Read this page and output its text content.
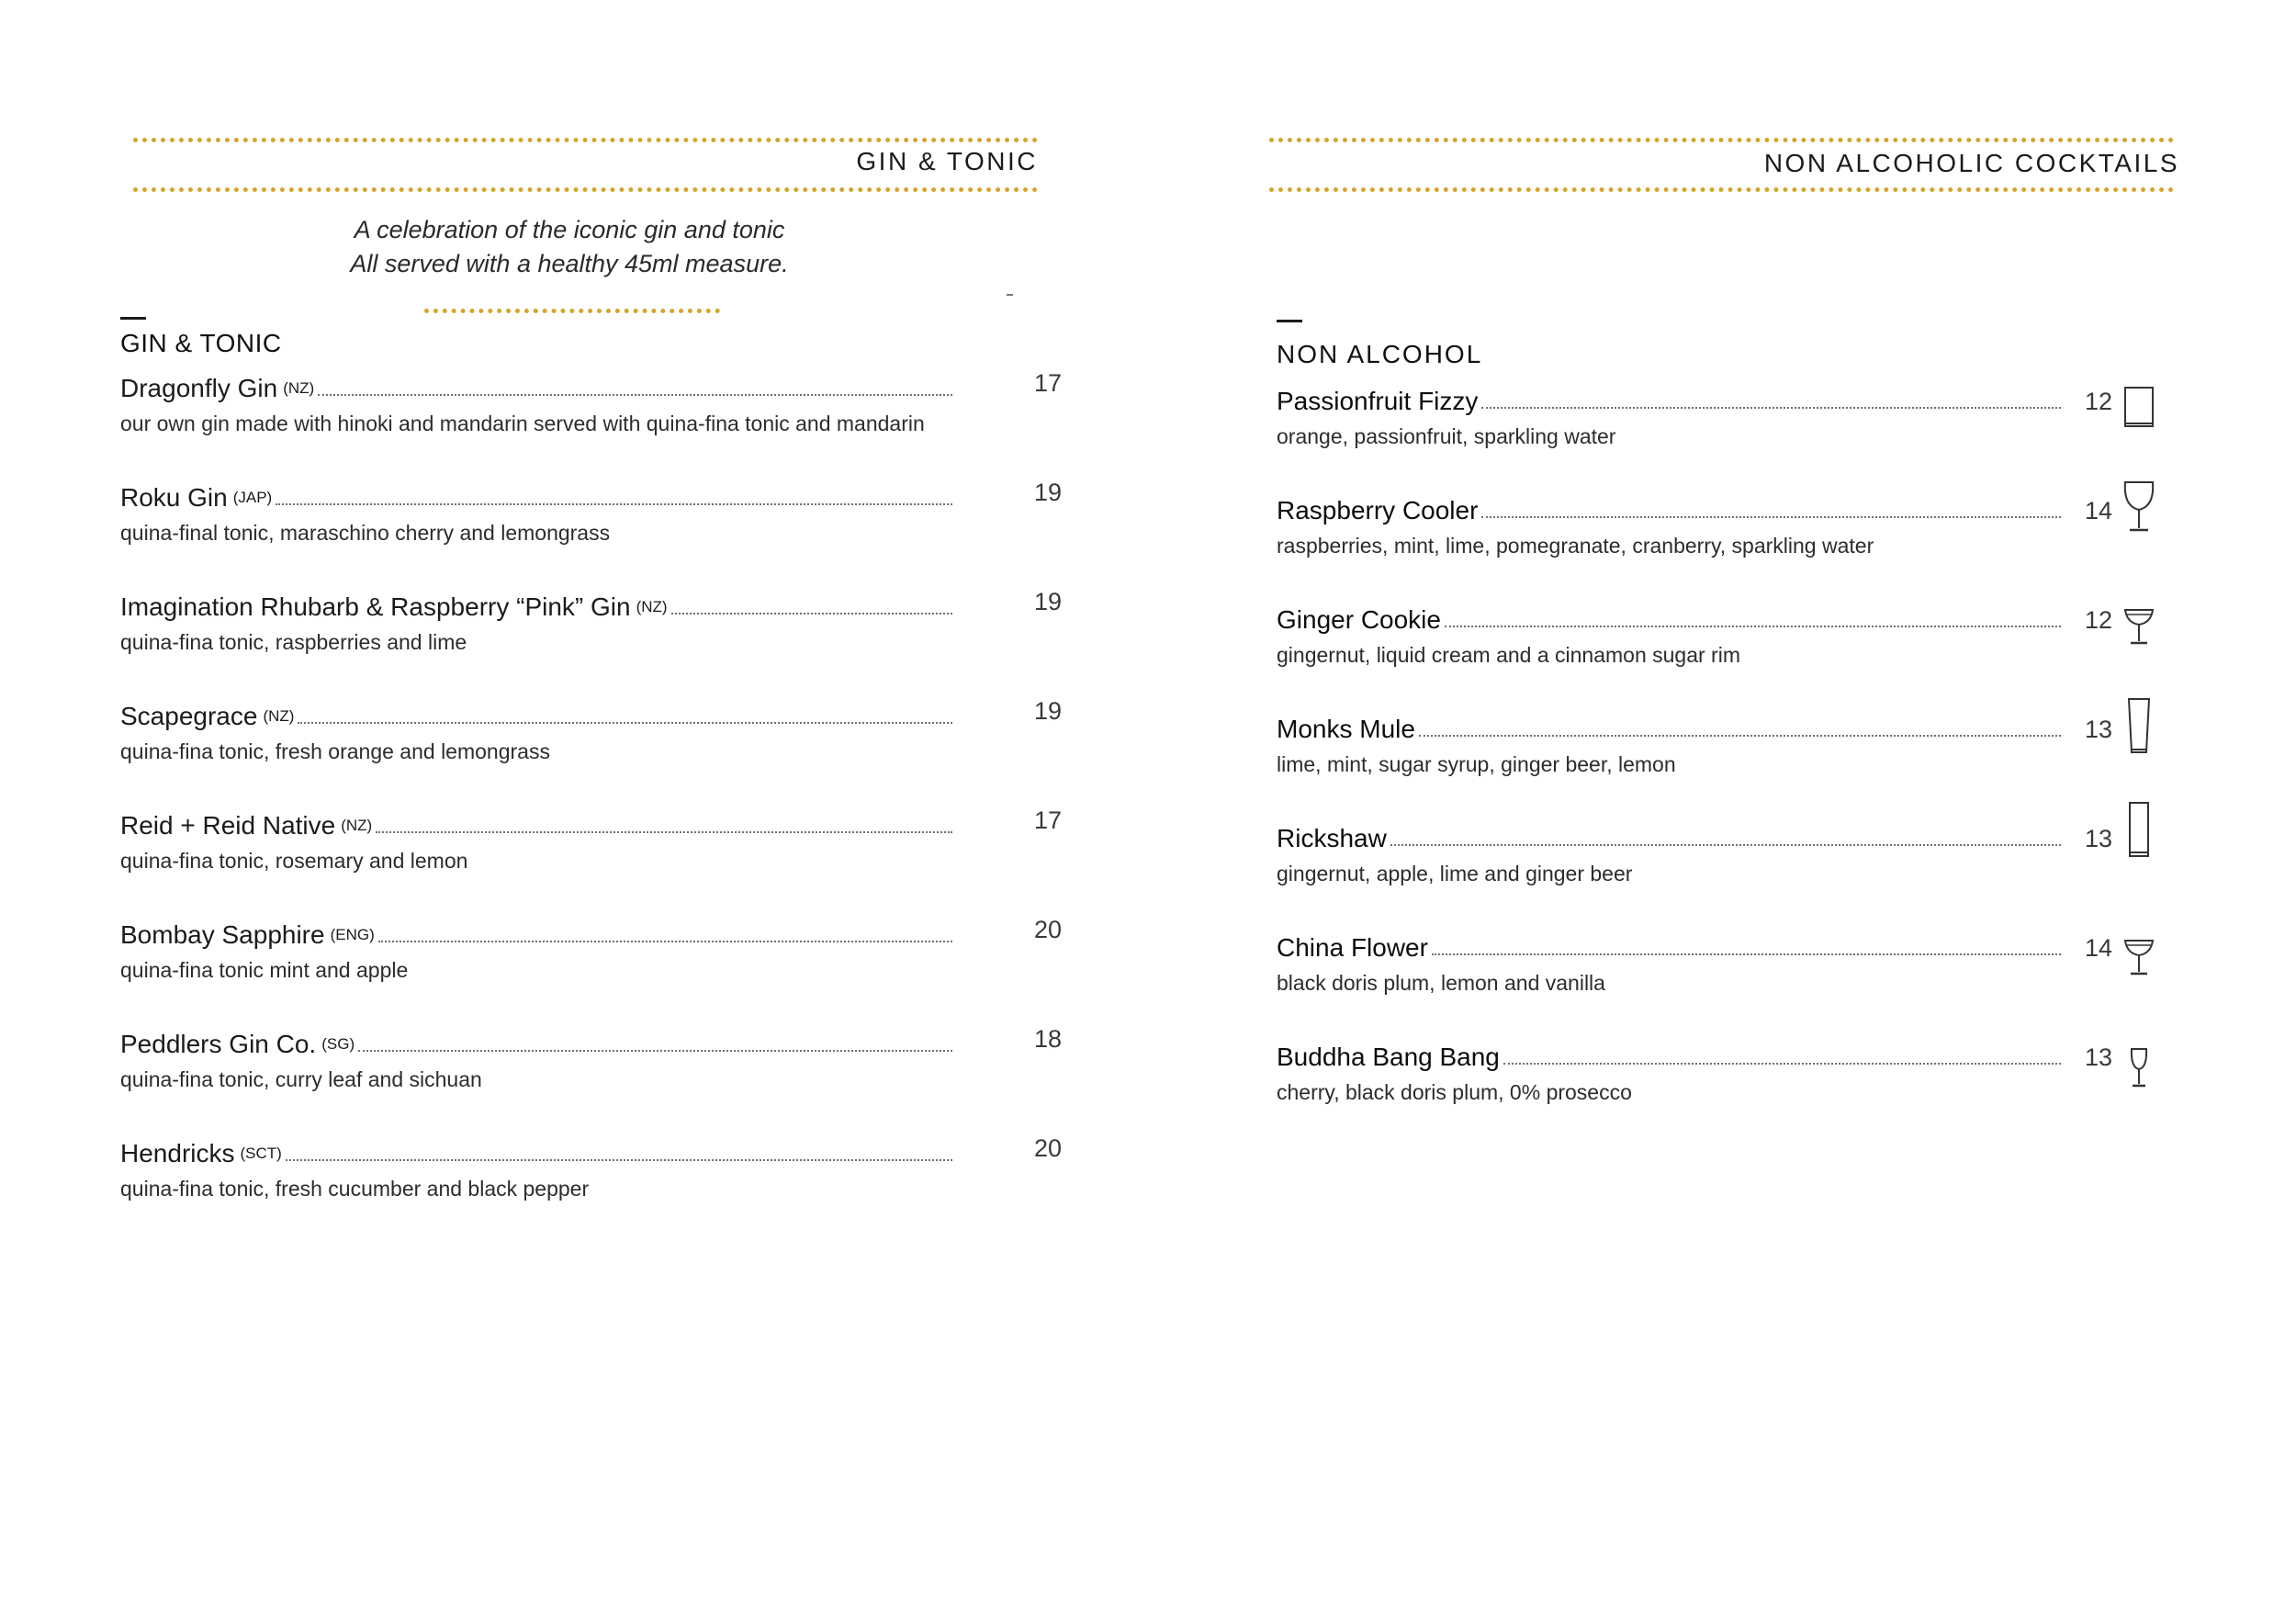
GIN & TONIC
A celebration of the iconic gin and tonic
All served with a healthy 45ml measure.
GIN & TONIC
Dragonfly Gin (NZ)	17
our own gin made with hinoki and mandarin served with quina-fina tonic and mandarin
Roku Gin (JAP)	19
quina-final tonic, maraschino cherry and lemongrass
Imagination Rhubarb & Raspberry “Pink” Gin (NZ)	19
quina-fina tonic, raspberries and lime
Scapegrace (NZ)	19
quina-fina tonic, fresh orange and lemongrass
Reid + Reid Native (NZ)	17
quina-fina tonic, rosemary and lemon
Bombay Sapphire (ENG)	20
quina-fina tonic mint and apple
Peddlers Gin Co. (SG)	18
quina-fina tonic, curry leaf and sichuan
Hendricks (SCT)	20
quina-fina tonic, fresh cucumber and black pepper
NON ALCOHOLIC COCKTAILS
NON ALCOHOL
Passionfruit Fizzy	12
orange, passionfruit, sparkling water
Raspberry Cooler	14
raspberries, mint, lime, pomegranate, cranberry, sparkling water
Ginger Cookie	12
gingernut, liquid cream and a cinnamon sugar rim
Monks Mule	13
lime, mint, sugar syrup, ginger beer, lemon
Rickshaw	13
gingernut, apple, lime and ginger beer
China Flower	14
black doris plum, lemon and vanilla
Buddha Bang Bang	13
cherry, black doris plum, 0% prosecco
